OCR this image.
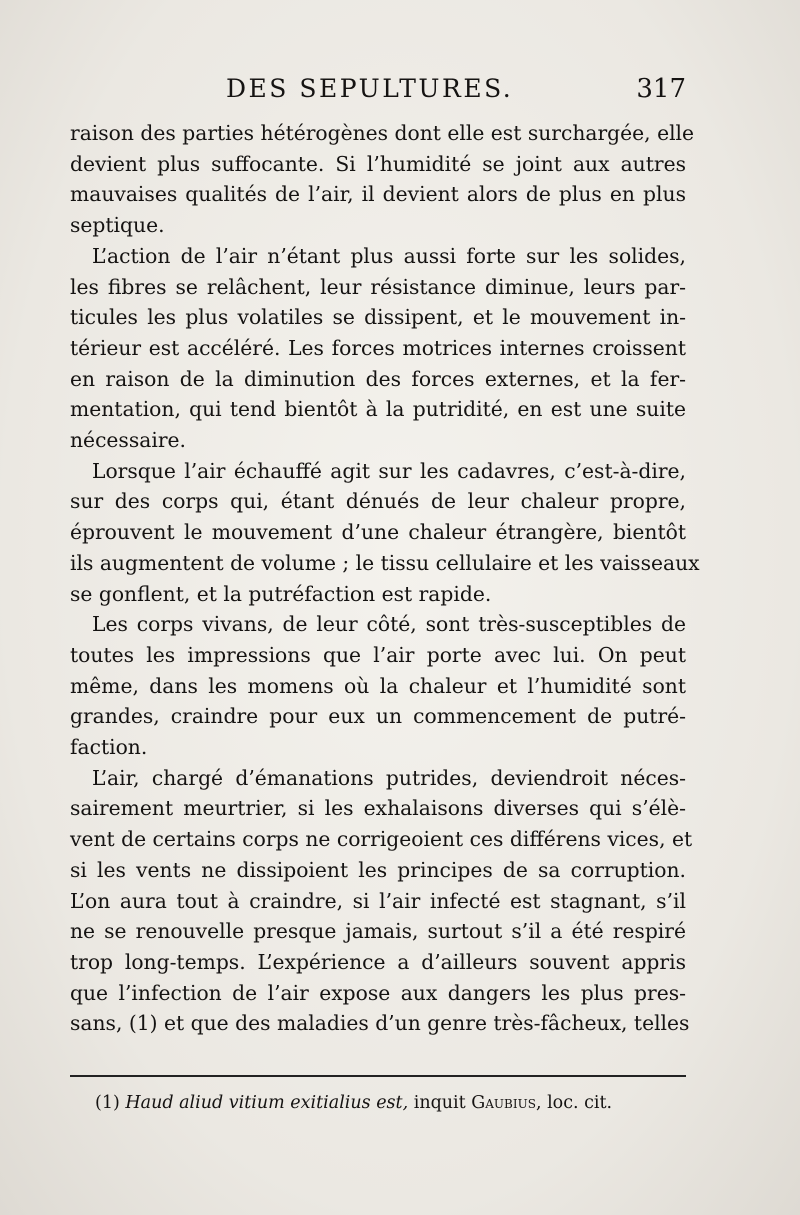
DES SEPULTURES.	317
raison des parties hétérogènes dont elle est surchargée, elle
devient plus suffocante. Si l’humidité se joint aux autres
mauvaises qualités de l’air, il devient alors de plus en plus
septique.
L’action de l’air n’étant plus aussi forte sur les solides,
les fibres se relâchent, leur résistance diminue, leurs par-
ticules les plus volatiles se dissipent, et le mouvement in-
térieur est accéléré. Les forces motrices internes croissent
en raison de la diminution des forces externes, et la fer-
mentation, qui tend bientôt à la putridité, en est une suite
nécessaire.
Lorsque l’air échauffé agit sur les cadavres, c’est-à-dire,
sur des corps qui, étant dénués de leur chaleur propre,
éprouvent le mouvement d’une chaleur étrangère, bientôt
ils augmentent de volume ; le tissu cellulaire et les vaisseaux
se gonflent, et la putréfaction est rapide.
Les corps vivans, de leur côté, sont très-susceptibles de
toutes les impressions que l’air porte avec lui. On peut
même, dans les momens où la chaleur et l’humidité sont
grandes, craindre pour eux un commencement de putré-
faction.
L’air, chargé d’émanations putrides, deviendroit néces-
sairement meurtrier, si les exhalaisons diverses qui s’élè-
vent de certains corps ne corrigeoient ces différens vices, et
si les vents ne dissipoient les principes de sa corruption.
L’on aura tout à craindre, si l’air infecté est stagnant, s’il
ne se renouvelle presque jamais, surtout s’il a été respiré
trop long-temps. L’expérience a d’ailleurs souvent appris
que l’infection de l’air expose aux dangers les plus pres-
sans, (1) et que des maladies d’un genre très-fâcheux, telles
(1) Haud aliud vitium exitialius est, inquit Gaubius, loc. cit.
